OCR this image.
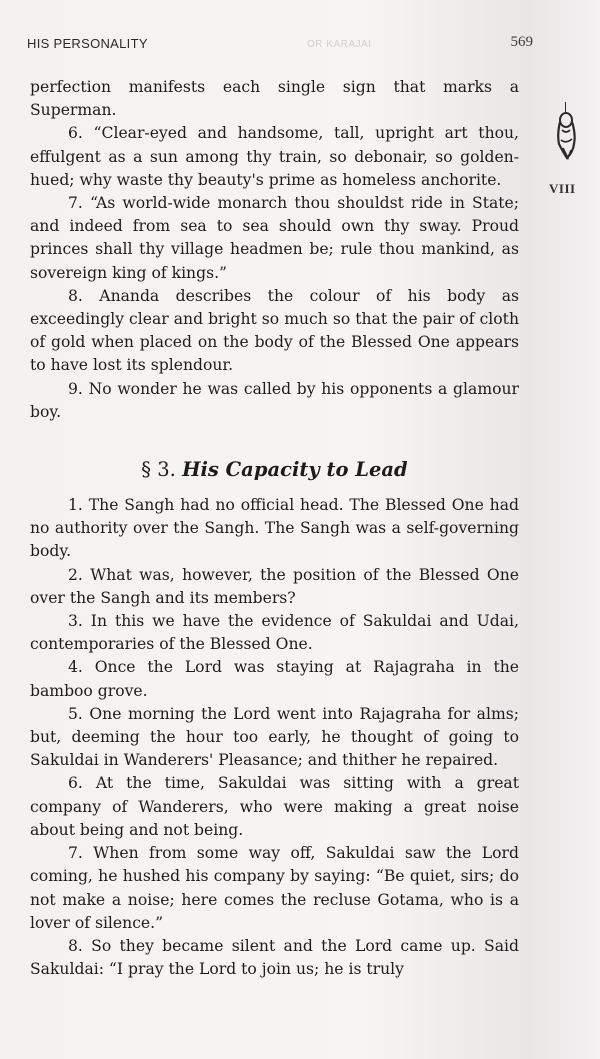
HIS PERSONALITY	OR KARAJAI	569
VIII

perfection manifests each single sign that marks a Superman.

6. “Clear-eyed and handsome, tall, upright art thou, effulgent as a sun among thy train, so debonair, so golden-hued; why waste thy beauty's prime as homeless anchorite.

7. “As world-wide monarch thou shouldst ride in State; and indeed from sea to sea should own thy sway. Proud princes shall thy village headmen be; rule thou mankind, as sovereign king of kings.”

8. Ananda describes the colour of his body as exceedingly clear and bright so much so that the pair of cloth of gold when placed on the body of the Blessed One appears to have lost its splendour.

9. No wonder he was called by his opponents a glamour boy.

§ 3. His Capacity to Lead

1. The Sangh had no official head. The Blessed One had no authority over the Sangh. The Sangh was a self-governing body.

2. What was, however, the position of the Blessed One over the Sangh and its members?

3. In this we have the evidence of Sakuldai and Udai, contemporaries of the Blessed One.

4. Once the Lord was staying at Rajagraha in the bamboo grove.

5. One morning the Lord went into Rajagraha for alms; but, deeming the hour too early, he thought of going to Sakuldai in Wanderers' Pleasance; and thither he repaired.

6. At the time, Sakuldai was sitting with a great company of Wanderers, who were making a great noise about being and not being.

7. When from some way off, Sakuldai saw the Lord coming, he hushed his company by saying: “Be quiet, sirs; do not make a noise; here comes the recluse Gotama, who is a lover of silence.”

8. So they became silent and the Lord came up. Said Sakuldai: “I pray the Lord to join us; he is truly
